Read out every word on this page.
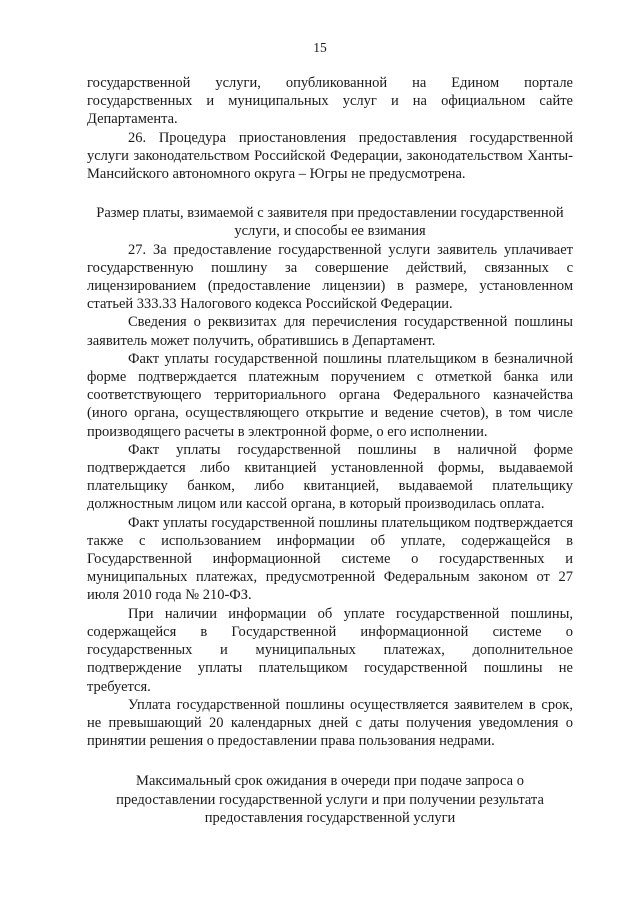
15

государственной услуги, опубликованной на Едином портале государственных и муниципальных услуг и на официальном сайте Департамента.

26. Процедура приостановления предоставления государственной услуги законодательством Российской Федерации, законодательством Ханты-Мансийского автономного округа – Югры не предусмотрена.

Размер платы, взимаемой с заявителя при предоставлении государственной услуги, и способы ее взимания

27. За предоставление государственной услуги заявитель уплачивает государственную пошлину за совершение действий, связанных с лицензированием (предоставление лицензии) в размере, установленном статьей 333.33 Налогового кодекса Российской Федерации.

Сведения о реквизитах для перечисления государственной пошлины заявитель может получить, обратившись в Департамент.

Факт уплаты государственной пошлины плательщиком в безналичной форме подтверждается платежным поручением с отметкой банка или соответствующего территориального органа Федерального казначейства (иного органа, осуществляющего открытие и ведение счетов), в том числе производящего расчеты в электронной форме, о его исполнении.

Факт уплаты государственной пошлины в наличной форме подтверждается либо квитанцией установленной формы, выдаваемой плательщику банком, либо квитанцией, выдаваемой плательщику должностным лицом или кассой органа, в который производилась оплата.

Факт уплаты государственной пошлины плательщиком подтверждается также с использованием информации об уплате, содержащейся в Государственной информационной системе о государственных и муниципальных платежах, предусмотренной Федеральным законом от 27 июля 2010 года № 210-ФЗ.

При наличии информации об уплате государственной пошлины, содержащейся в Государственной информационной системе о государственных и муниципальных платежах, дополнительное подтверждение уплаты плательщиком государственной пошлины не требуется.

Уплата государственной пошлины осуществляется заявителем в срок, не превышающий 20 календарных дней с даты получения уведомления о принятии решения о предоставлении права пользования недрами.

Максимальный срок ожидания в очереди при подаче запроса о предоставлении государственной услуги и при получении результата предоставления государственной услуги
